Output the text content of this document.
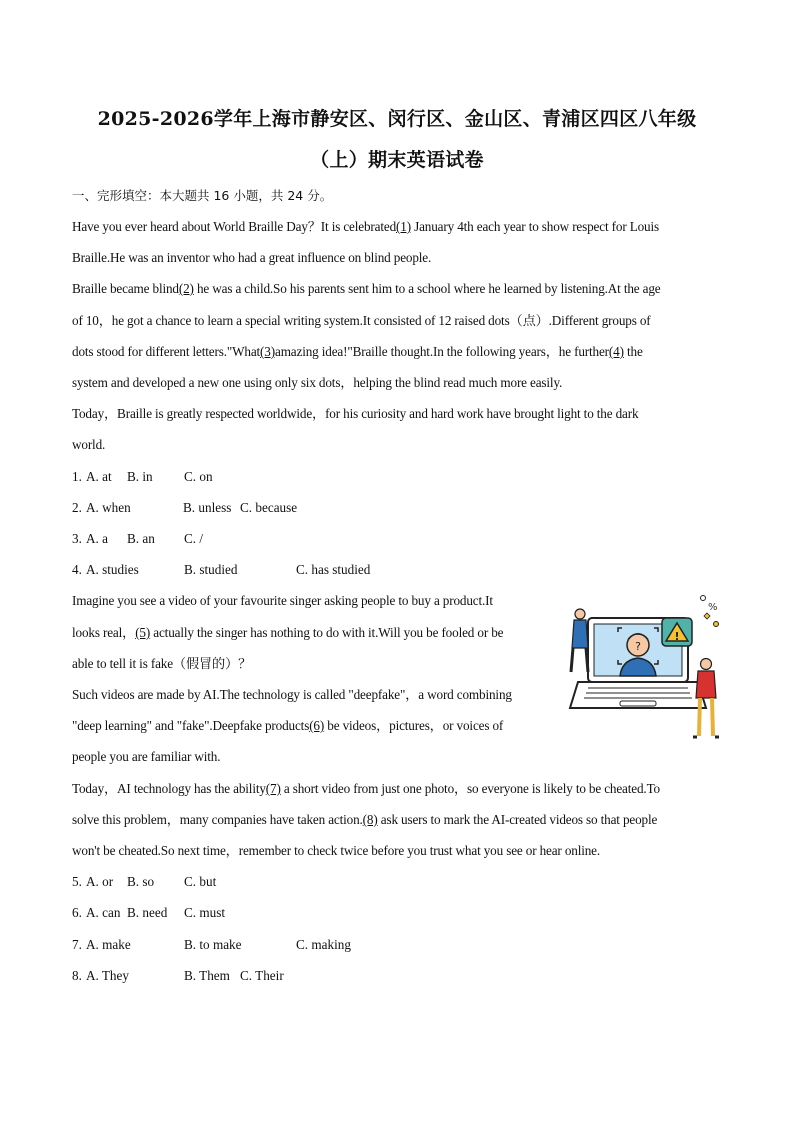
2025-2026学年上海市静安区、闵行区、金山区、青浦区四区八年级
（上）期末英语试卷
一、完形填空：本大题共 16 小题，共 24 分。
Have you ever heard about World Braille Day？It is celebrated(1) January 4th each year to show respect for Louis
Braille.He was an inventor who had a great influence on blind people.
Braille became blind(2) he was a child.So his parents sent him to a school where he learned by listening.At the age
of 10，he got a chance to learn a special writing system.It consisted of 12 raised dots（点）.Different groups of
dots stood for different letters."What(3)amazing idea!"Braille thought.In the following years，he further(4) the
system and developed a new one using only six dots，helping the blind read much more easily.
Today，Braille is greatly respected worldwide，for his curiosity and hard work have brought light to the dark
world.
1. A. at B. in C. on
2. A. when	B. unless C. because
3. A. a B. an C. /
4. A. studies	B. studied	C. has studied
Imagine you see a video of your favourite singer asking people to buy a product.It
looks real，(5) actually the singer has nothing to do with it.Will you be fooled or be
able to tell it is fake（假冒的）？
Such videos are made by AI.The technology is called "deepfake"，a word combining
"deep learning" and "fake".Deepfake products(6) be videos，pictures，or voices of
people you are familiar with.
Today，AI technology has the ability(7) a short video from just one photo，so everyone is likely to be cheated.To
solve this problem，many companies have taken action.(8) ask users to mark the AI-created videos so that people
won't be cheated.So next time，remember to check twice before you trust what you see or hear online.
5. A. or B. so C. but
6. A. can B. need C. must
7. A. make	B. to make	C. making
8. A. They	B. Them C. Their
?
!
%
